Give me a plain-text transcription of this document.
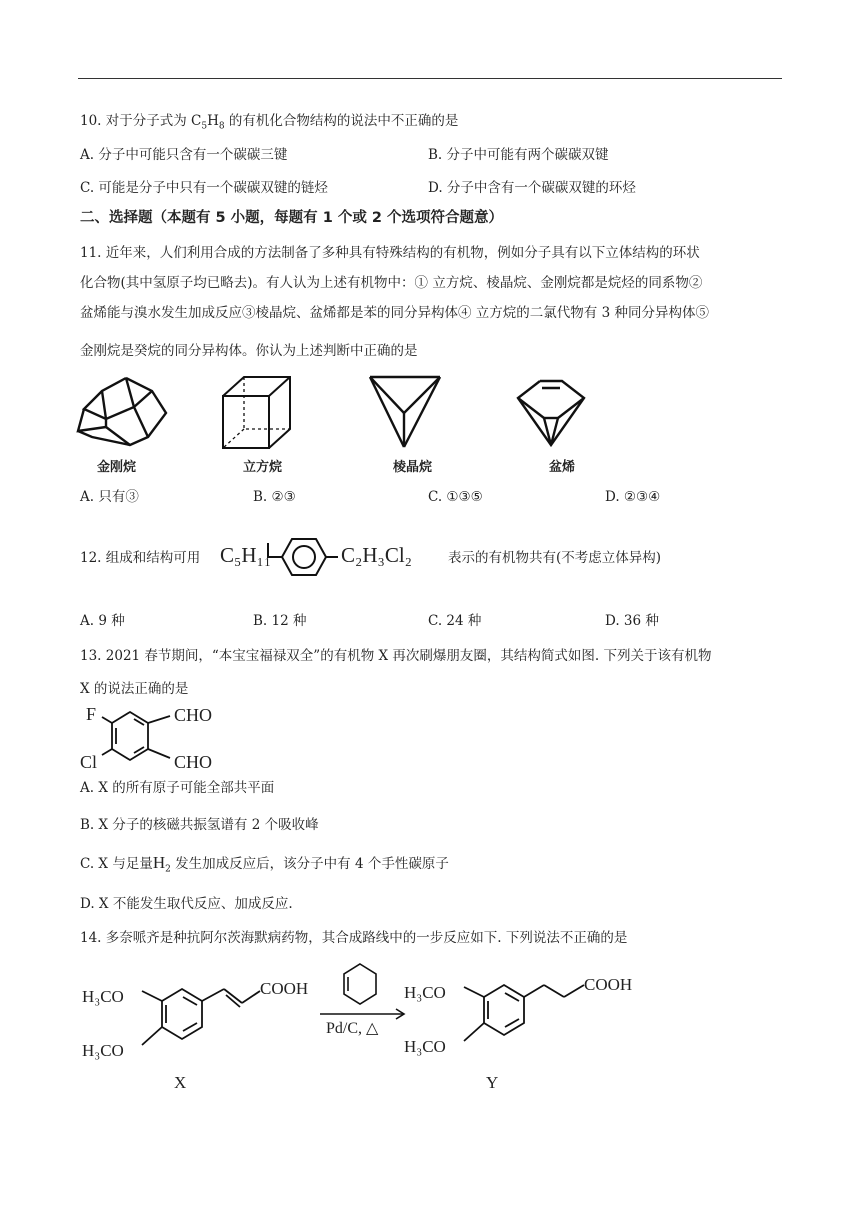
10. 对于分子式为 $C_5H_8$ 的有机化合物结构的说法中不正确的是
A. 分子中可能只含有一个碳碳三键	B. 分子中可能有两个碳碳双键
C. 可能是分子中只有一个碳碳双键的链烃	D. 分子中含有一个碳碳双键的环烃
二、选择题（本题有 5 小题，每题有 1 个或 2 个选项符合题意）
11. 近年来，人们利用合成的方法制备了多种具有特殊结构的有机物，例如分子具有以下立体结构的环状
化合物(其中氢原子均已略去)。有人认为上述有机物中：① 立方烷、棱晶烷、金刚烷都是烷烃的同系物②
盆烯能与溴水发生加成反应③棱晶烷、盆烯都是苯的同分异构体④ 立方烷的二氯代物有 3 种同分异构体⑤
金刚烷是癸烷的同分异构体。你认为上述判断中正确的是
金刚烷	立方烷	棱晶烷	盆烯
A. 只有③	B. ②③	C. ①③⑤	D. ②③④
12. 组成和结构可用 C₅H₁₁	C₂H₃Cl₂	表示的有机物共有(不考虑立体异构)
A. 9 种	B. 12 种	C. 24 种	D. 36 种
13. 2021 春节期间，“本宝宝福禄双全”的有机物 X 再次刷爆朋友圈，其结构简式如图. 下列关于该有机物
X 的说法正确的是
F
Cl
CHO
CHO
A. X 的所有原子可能全部共平面
B. X 分子的核磁共振氢谱有 2 个吸收峰
C. X 与足量$H_2$ 发生加成反应后，该分子中有 4 个手性碳原子
D. X 不能发生取代反应、加成反应.
14. 多奈哌齐是种抗阿尔茨海默病药物，其合成路线中的一步反应如下. 下列说法不正确的是
H₃CO
H₃CO
COOH
X
Pd/C, △
H₃CO
H₃CO
COOH
Y
